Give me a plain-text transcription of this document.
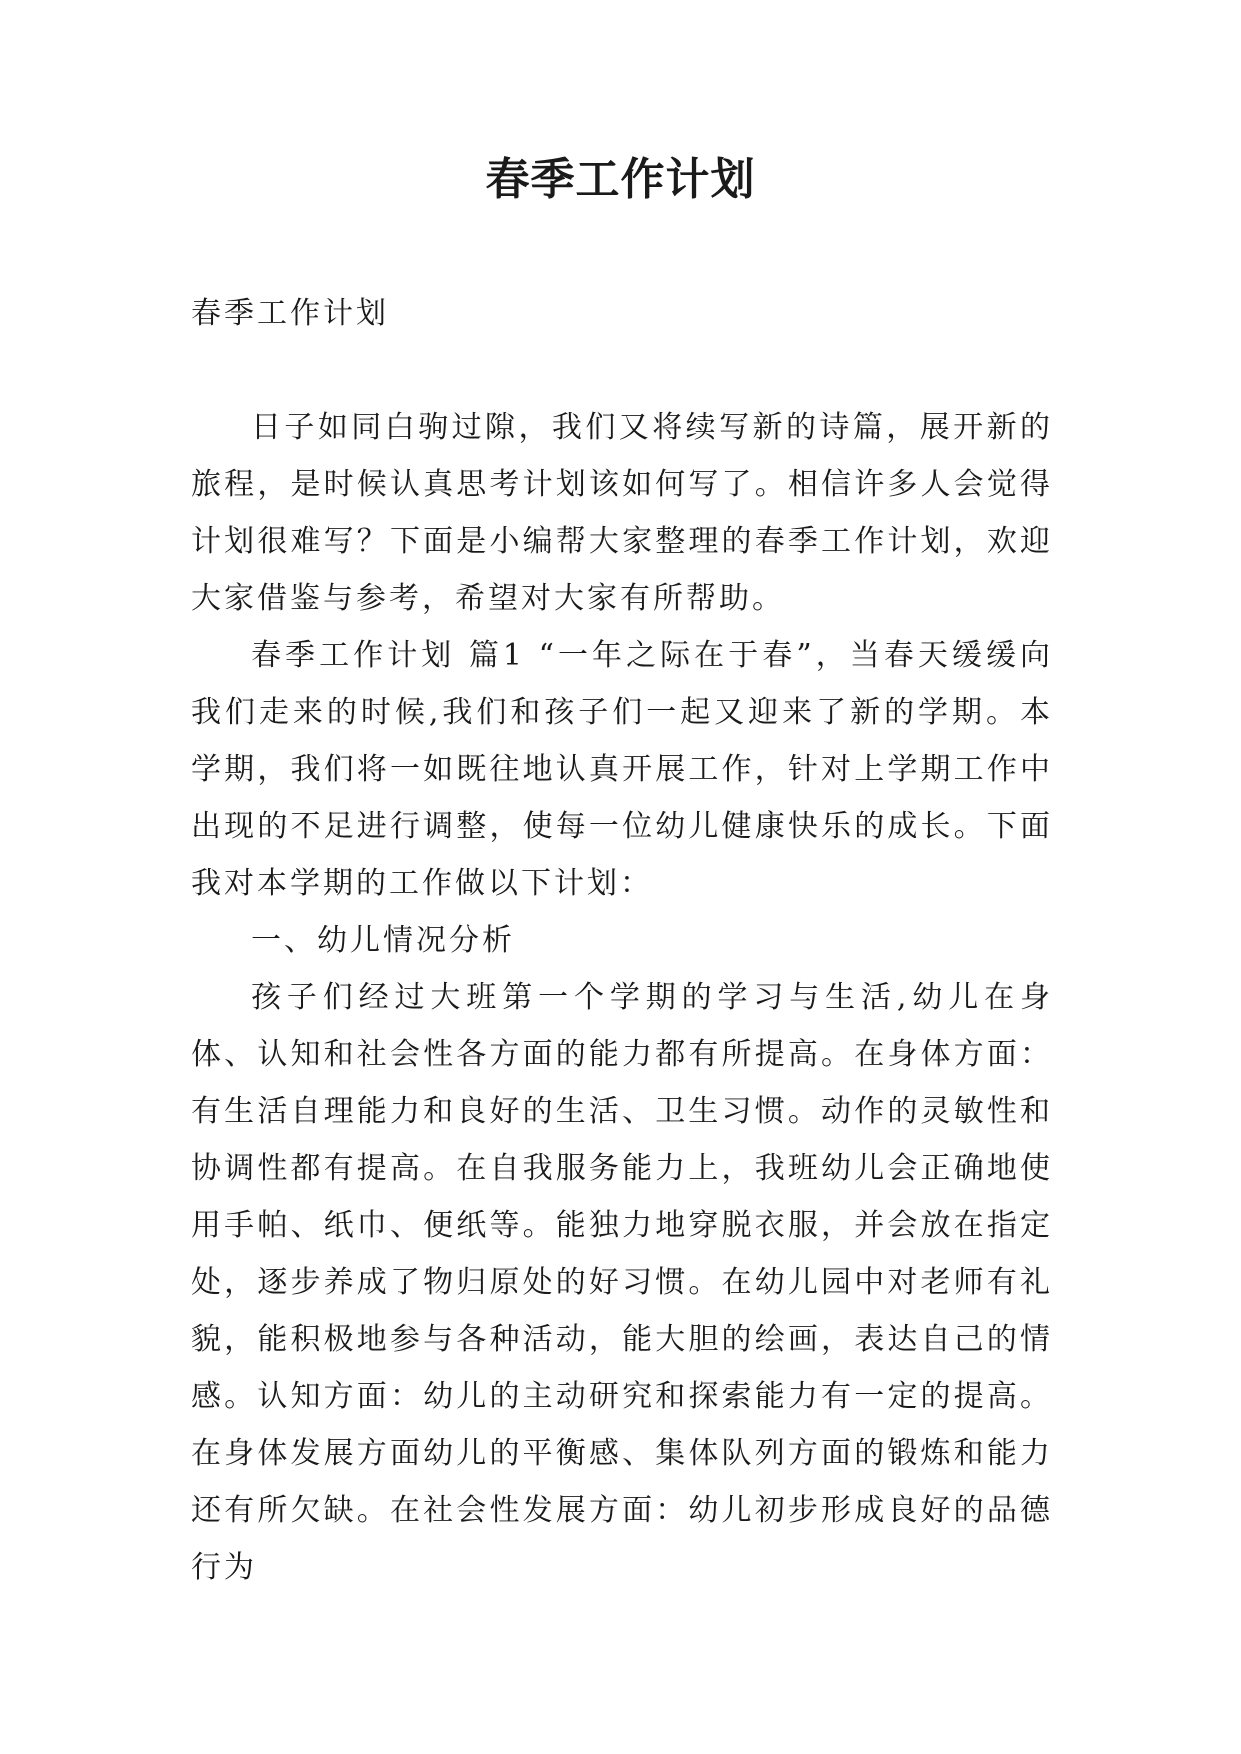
春季工作计划

春季工作计划

日子如同白驹过隙，我们又将续写新的诗篇，展开新的旅程，是时候认真思考计划该如何写了。相信许多人会觉得计划很难写？下面是小编帮大家整理的春季工作计划，欢迎大家借鉴与参考，希望对大家有所帮助。

春季工作计划 篇1 “一年之际在于春”，当春天缓缓向我们走来的时候,我们和孩子们一起又迎来了新的学期。本学期，我们将一如既往地认真开展工作，针对上学期工作中出现的不足进行调整，使每一位幼儿健康快乐的成长。下面我对本学期的工作做以下计划：

一、幼儿情况分析

孩子们经过大班第一个学期的学习与生活,幼儿在身体、认知和社会性各方面的能力都有所提高。在身体方面：有生活自理能力和良好的生活、卫生习惯。动作的灵敏性和协调性都有提高。在自我服务能力上，我班幼儿会正确地使用手帕、纸巾、便纸等。能独力地穿脱衣服，并会放在指定处，逐步养成了物归原处的好习惯。在幼儿园中对老师有礼貌，能积极地参与各种活动，能大胆的绘画，表达自己的情感。认知方面：幼儿的主动研究和探索能力有一定的提高。在身体发展方面幼儿的平衡感、集体队列方面的锻炼和能力还有所欠缺。在社会性发展方面：幼儿初步形成良好的品德行为
